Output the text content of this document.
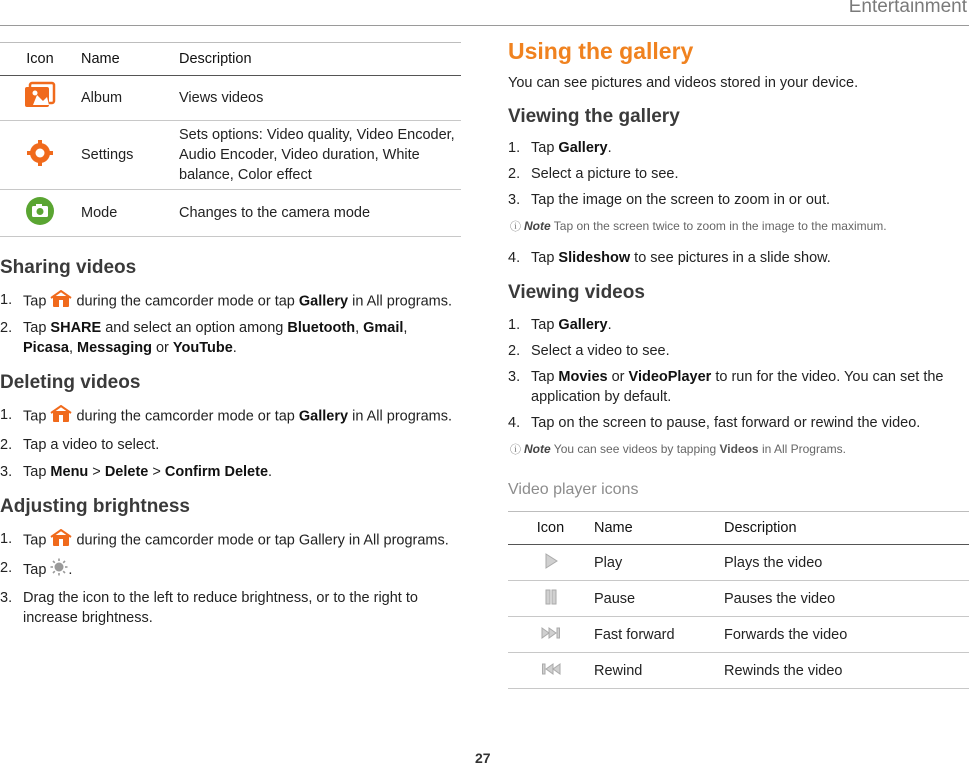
Entertainment
Icon	Name	Description
	Album	Views videos
	Settings	Sets options: Video quality, Video Encoder, Audio Encoder, Video duration, White balance, Color effect
	Mode	Changes to the camera mode
Sharing videos
1. Tap  during the camcorder mode or tap Gallery in All programs.
2. Tap SHARE and select an option among Bluetooth, Gmail, Picasa, Messaging or YouTube.
Deleting videos
1. Tap  during the camcorder mode or tap Gallery in All programs.
2. Tap a video to select.
3. Tap Menu > Delete > Confirm Delete.
Adjusting brightness
1. Tap  during the camcorder mode or tap Gallery in All programs.
2. Tap .
3. Drag the icon to the left to reduce brightness, or to the right to increase brightness.
Using the gallery

You can see pictures and videos stored in your device.

Viewing the gallery
1. Tap Gallery.
2. Select a picture to see.
3. Tap the image on the screen to zoom in or out.
ⓘ Note Tap on the screen twice to zoom in the image to the maximum.
4. Tap Slideshow to see pictures in a slide show.
Viewing videos
1. Tap Gallery.
2. Select a video to see.
3. Tap Movies or VideoPlayer to run for the video. You can set the application by default.
4. Tap on the screen to pause, fast forward or rewind the video.
ⓘ Note You can see videos by tapping Videos in All Programs.

Video player icons

Icon	Name	Description
	Play	Plays the video
	Pause	Pauses the video
	Fast forward	Forwards the video
	Rewind	Rewinds the video
27
